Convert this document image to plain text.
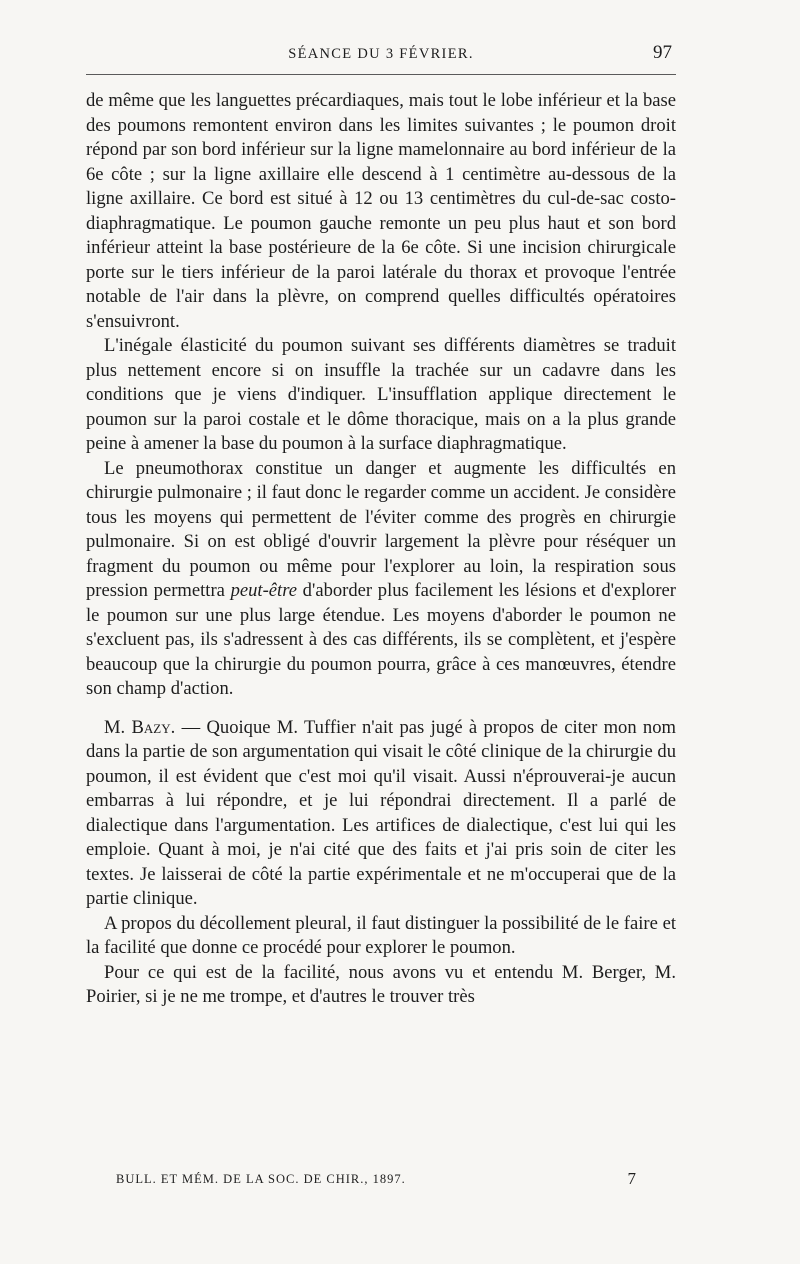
SÉANCE DU 3 FÉVRIER.	97

de même que les languettes précardiaques, mais tout le lobe inférieur et la base des poumons remontent environ dans les limites suivantes ; le poumon droit répond par son bord inférieur sur la ligne mamelonnaire au bord inférieur de la 6e côte ; sur la ligne axillaire elle descend à 1 centimètre au-dessous de la ligne axillaire. Ce bord est situé à 12 ou 13 centimètres du cul-de-sac costo-diaphragmatique. Le poumon gauche remonte un peu plus haut et son bord inférieur atteint la base postérieure de la 6e côte. Si une incision chirurgicale porte sur le tiers inférieur de la paroi latérale du thorax et provoque l'entrée notable de l'air dans la plèvre, on comprend quelles difficultés opératoires s'ensuivront.

L'inégale élasticité du poumon suivant ses différents diamètres se traduit plus nettement encore si on insuffle la trachée sur un cadavre dans les conditions que je viens d'indiquer. L'insufflation applique directement le poumon sur la paroi costale et le dôme thoracique, mais on a la plus grande peine à amener la base du poumon à la surface diaphragmatique.

Le pneumothorax constitue un danger et augmente les difficultés en chirurgie pulmonaire ; il faut donc le regarder comme un accident. Je considère tous les moyens qui permettent de l'éviter comme des progrès en chirurgie pulmonaire. Si on est obligé d'ouvrir largement la plèvre pour réséquer un fragment du poumon ou même pour l'explorer au loin, la respiration sous pression permettra peut-être d'aborder plus facilement les lésions et d'explorer le poumon sur une plus large étendue. Les moyens d'aborder le poumon ne s'excluent pas, ils s'adressent à des cas différents, ils se complètent, et j'espère beaucoup que la chirurgie du poumon pourra, grâce à ces manœuvres, étendre son champ d'action.

M. Bazy. — Quoique M. Tuffier n'ait pas jugé à propos de citer mon nom dans la partie de son argumentation qui visait le côté clinique de la chirurgie du poumon, il est évident que c'est moi qu'il visait. Aussi n'éprouverai-je aucun embarras à lui répondre, et je lui répondrai directement. Il a parlé de dialectique dans l'argumentation. Les artifices de dialectique, c'est lui qui les emploie. Quant à moi, je n'ai cité que des faits et j'ai pris soin de citer les textes. Je laisserai de côté la partie expérimentale et ne m'occuperai que de la partie clinique.

A propos du décollement pleural, il faut distinguer la possibilité de le faire et la facilité que donne ce procédé pour explorer le poumon.

Pour ce qui est de la facilité, nous avons vu et entendu M. Berger, M. Poirier, si je ne me trompe, et d'autres le trouver très

BULL. ET MÉM. DE LA SOC. DE CHIR., 1897.	7
